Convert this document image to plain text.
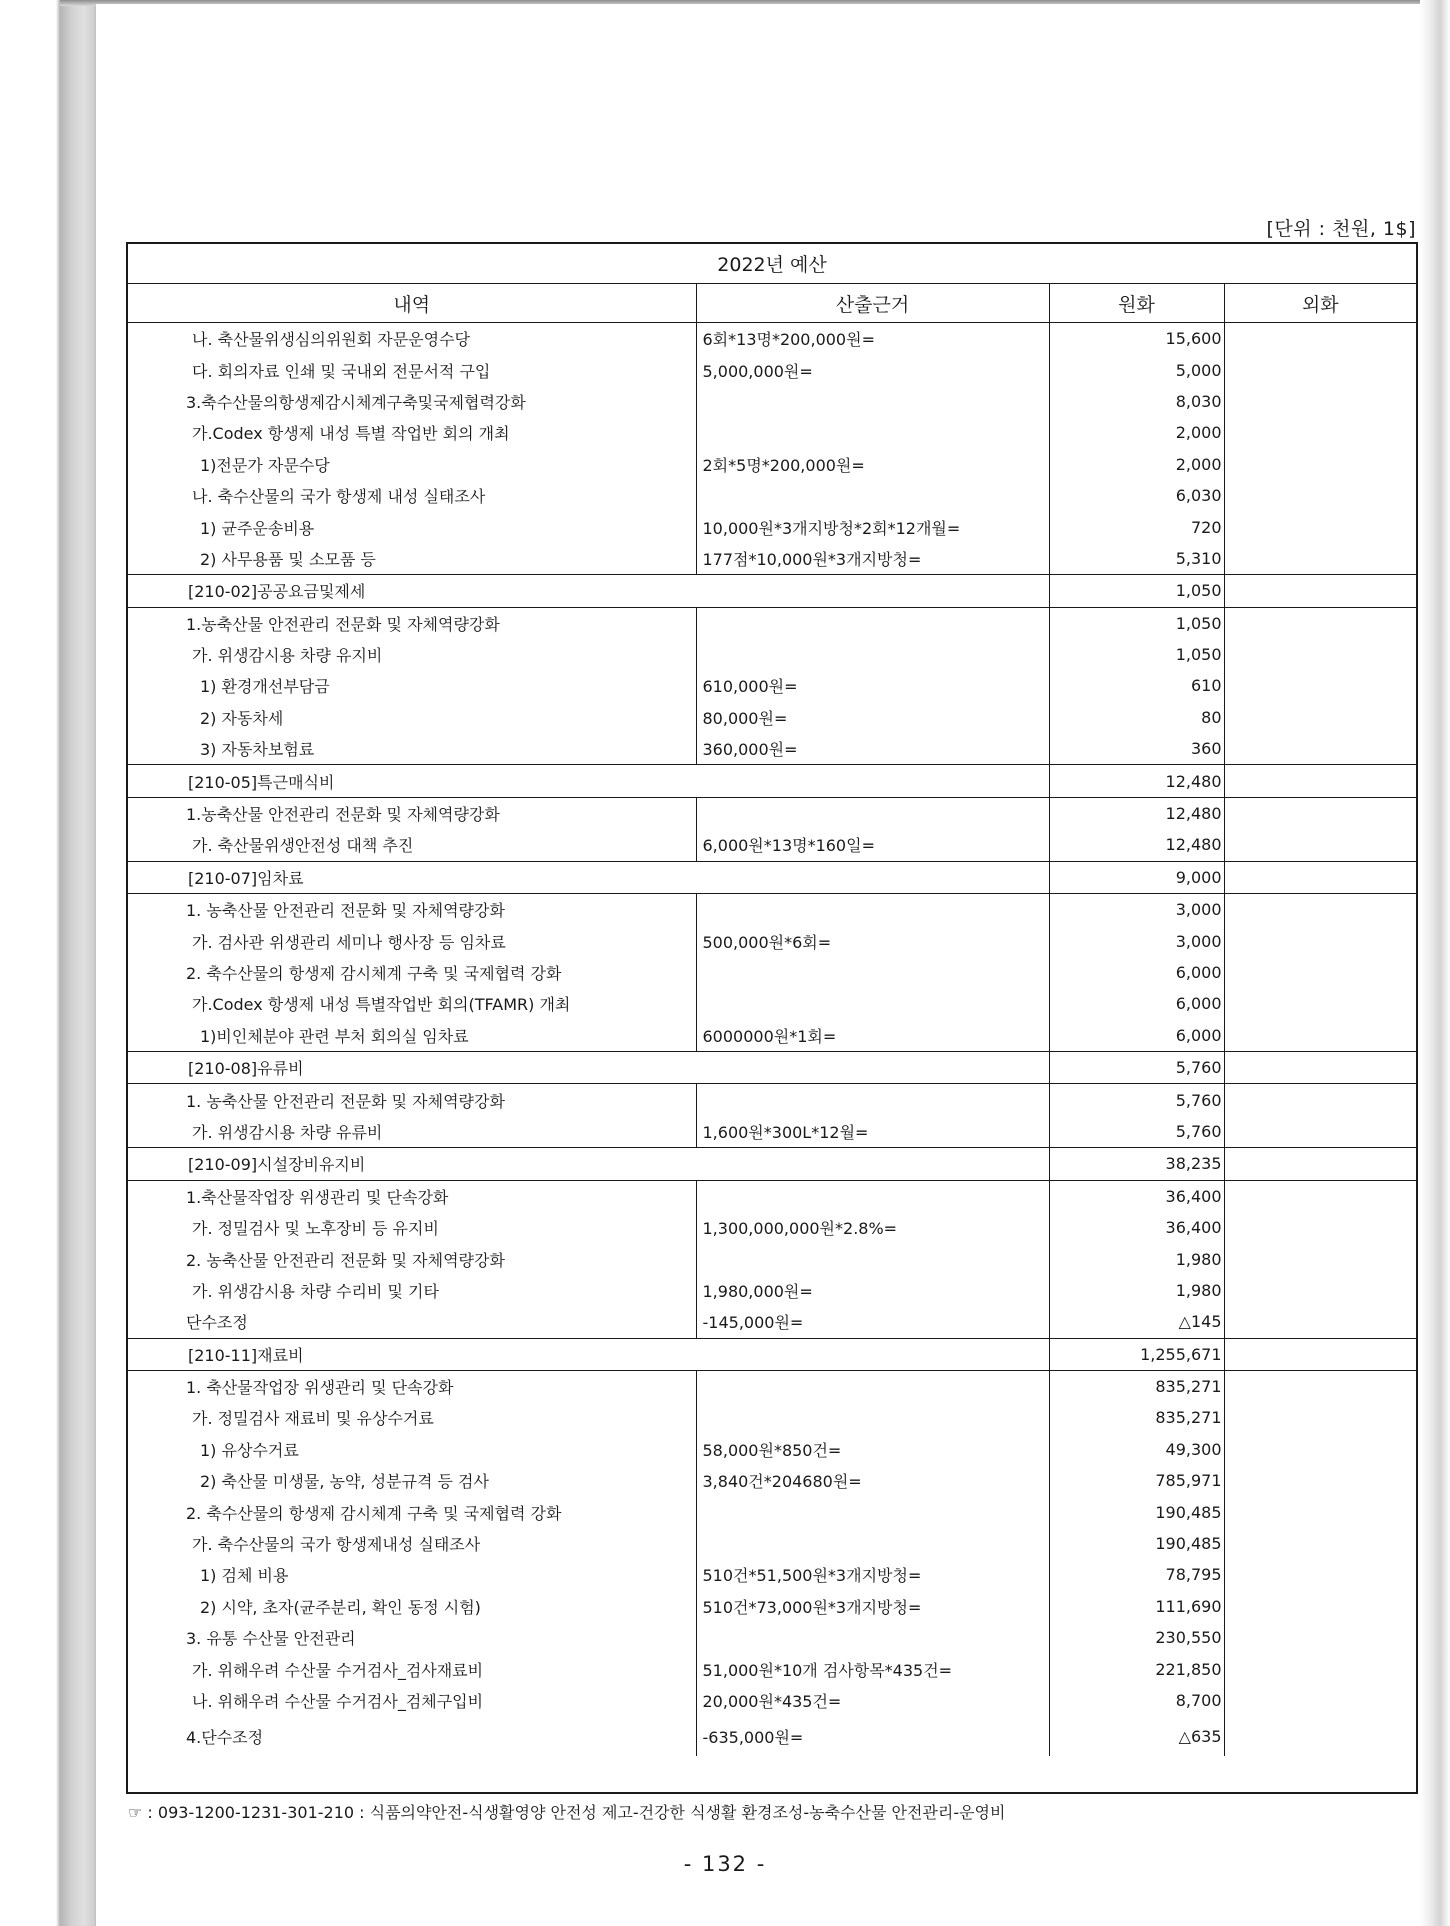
[단위 : 천원, 1$]
2022년 예산			
내역	산출근거	원화	외화
나. 축산물위생심의위원회 자문운영수당	6회*13명*200,000원=	15,600	
다. 회의자료 인쇄 및 국내외 전문서적 구입	5,000,000원=	5,000	
3.축수산물의항생제감시체계구축및국제협력강화		8,030	
가.Codex 항생제 내성 특별 작업반 회의 개최		2,000	
1)전문가 자문수당	2회*5명*200,000원=	2,000	
나. 축수산물의 국가 항생제 내성 실태조사		6,030	
1) 균주운송비용	10,000원*3개지방청*2회*12개월=	720	
2) 사무용품 및 소모품 등	177점*10,000원*3개지방청=	5,310	
[210-02]공공요금및제세		1,050	
1.농축산물 안전관리 전문화 및 자체역량강화		1,050	
가. 위생감시용 차량 유지비		1,050	
1) 환경개선부담금	610,000원=	610	
2) 자동차세	80,000원=	80	
3) 자동차보험료	360,000원=	360	
[210-05]특근매식비		12,480	
1.농축산물 안전관리 전문화 및 자체역량강화		12,480	
가. 축산물위생안전성 대책 추진	6,000원*13명*160일=	12,480	
[210-07]임차료		9,000	
1. 농축산물 안전관리 전문화 및 자체역량강화		3,000	
가. 검사관 위생관리 세미나 행사장 등 임차료	500,000원*6회=	3,000	
2. 축수산물의 항생제 감시체계 구축 및 국제협력 강화		6,000	
가.Codex 항생제 내성 특별작업반 회의(TFAMR) 개최		6,000	
1)비인체분야 관련 부처 회의실 임차료	6000000원*1회=	6,000	
[210-08]유류비		5,760	
1. 농축산물 안전관리 전문화 및 자체역량강화		5,760	
가. 위생감시용 차량 유류비	1,600원*300L*12월=	5,760	
[210-09]시설장비유지비		38,235	
1.축산물작업장 위생관리 및 단속강화		36,400	
가. 정밀검사 및 노후장비 등 유지비	1,300,000,000원*2.8%=	36,400	
2. 농축산물 안전관리 전문화 및 자체역량강화		1,980	
가. 위생감시용 차량 수리비 및 기타	1,980,000원=	1,980	
단수조정	-145,000원=	△145	
[210-11]재료비		1,255,671	
1. 축산물작업장 위생관리 및 단속강화		835,271	
가. 정밀검사 재료비 및 유상수거료		835,271	
1) 유상수거료	58,000원*850건=	49,300	
2) 축산물 미생물, 농약, 성분규격 등 검사	3,840건*204680원=	785,971	
2. 축수산물의 항생제 감시체계 구축 및 국제협력 강화		190,485	
가. 축수산물의 국가 항생제내성 실태조사		190,485	
1) 검체 비용	510건*51,500원*3개지방청=	78,795	
2) 시약, 초자(균주분리, 확인 동정 시험)	510건*73,000원*3개지방청=	111,690	
3. 유통 수산물 안전관리		230,550	
가. 위해우려 수산물 수거검사_검사재료비	51,000원*10개 검사항목*435건=	221,850	
나. 위해우려 수산물 수거검사_검체구입비	20,000원*435건=	8,700	
4.단수조정	-635,000원=	△635	
☞ : 093-1200-1231-301-210 : 식품의약안전-식생활영양 안전성 제고-건강한 식생활 환경조성-농축수산물 안전관리-운영비
- 132 -
